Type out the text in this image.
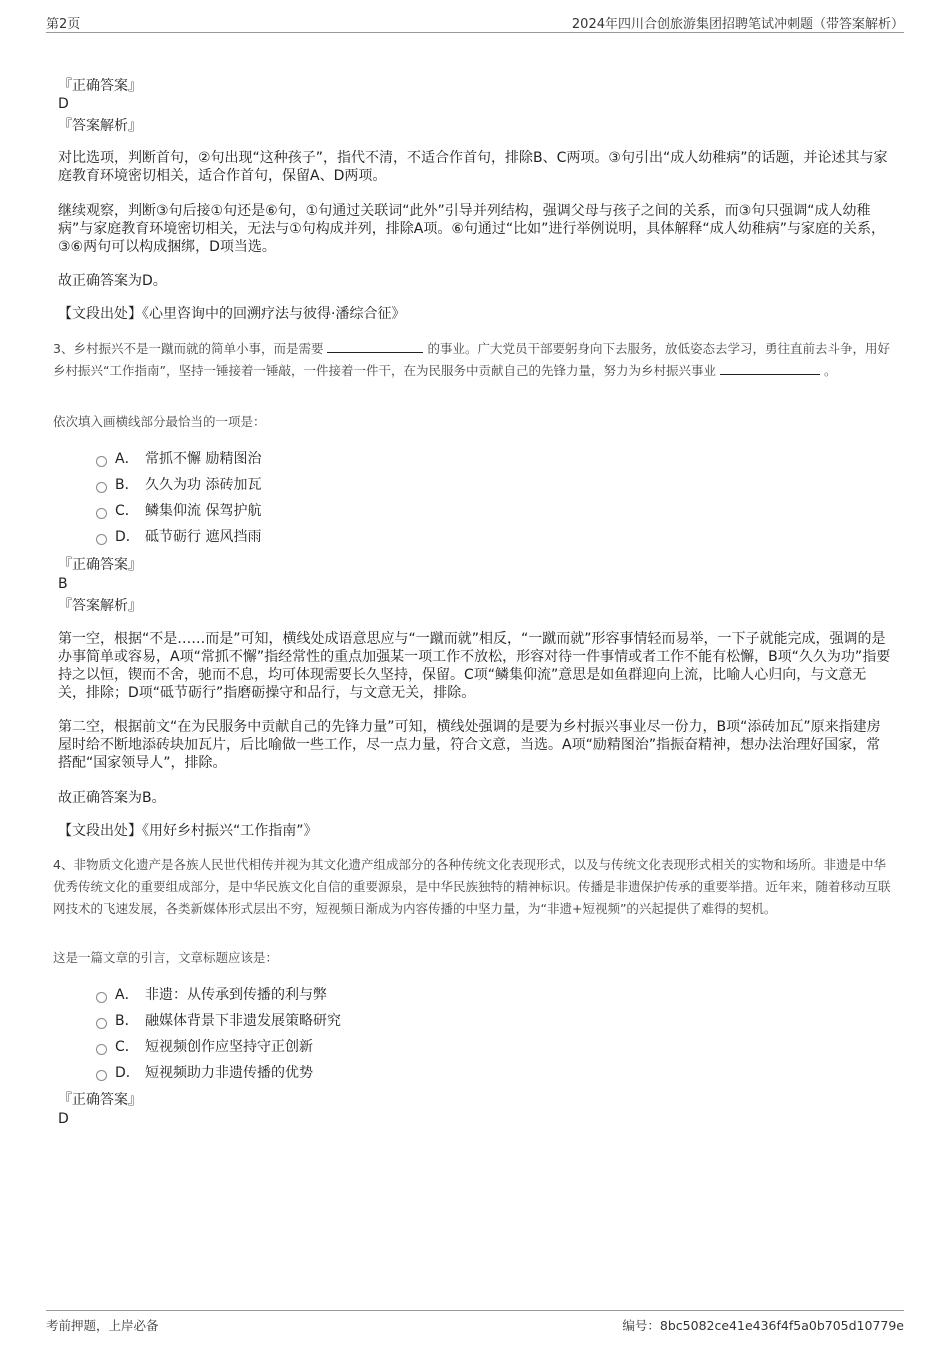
第2页	2024年四川合创旅游集团招聘笔试冲刺题（带答案解析）
『正确答案』
D
『答案解析』
对比选项，判断首句，②句出现“这种孩子”，指代不清，不适合作首句，排除B、C两项。③句引出“成人幼稚病”的话题，并论述其与家庭教育环境密切相关，适合作首句，保留A、D两项。
继续观察，判断③句后接①句还是⑥句，①句通过关联词“此外”引导并列结构，强调父母与孩子之间的关系，而③句只强调“成人幼稚病”与家庭教育环境密切相关，无法与①句构成并列，排除A项。⑥句通过“比如”进行举例说明，具体解释“成人幼稚病”与家庭的关系，③⑥两句可以构成捆绑，D项当选。
故正确答案为D。
【文段出处】《心里咨询中的回溯疗法与彼得·潘综合征》
3、乡村振兴不是一蹴而就的简单小事，而是需要	的事业。广大党员干部要躬身向下去服务，放低姿态去学习，勇往直前去斗争，用好乡村振兴“工作指南”，坚持一锤接着一锤敲，一件接着一件干，在为民服务中贡献自己的先锋力量，努力为乡村振兴事业	。
依次填入画横线部分最恰当的一项是：
A． 常抓不懈 励精图治
B． 久久为功 添砖加瓦
C． 鳞集仰流 保驾护航
D． 砥节砺行 遮风挡雨
『正确答案』
B
『答案解析』
第一空，根据“不是……而是”可知，横线处成语意思应与“一蹴而就”相反，“一蹴而就”形容事情轻而易举，一下子就能完成，强调的是办事简单或容易，A项“常抓不懈”指经常性的重点加强某一项工作不放松，形容对待一件事情或者工作不能有松懈，B项“久久为功”指要持之以恒，锲而不舍，驰而不息，均可体现需要长久坚持，保留。C项“鳞集仰流”意思是如鱼群迎向上流，比喻人心归向，与文意无关，排除；D项“砥节砺行”指磨砺操守和品行，与文意无关，排除。
第二空，根据前文“在为民服务中贡献自己的先锋力量”可知，横线处强调的是要为乡村振兴事业尽一份力，B项“添砖加瓦”原来指建房屋时给不断地添砖块加瓦片，后比喻做一些工作，尽一点力量，符合文意，当选。A项“励精图治”指振奋精神，想办法治理好国家，常搭配“国家领导人”，排除。
故正确答案为B。
【文段出处】《用好乡村振兴“工作指南”》
4、非物质文化遗产是各族人民世代相传并视为其文化遗产组成部分的各种传统文化表现形式，以及与传统文化表现形式相关的实物和场所。非遗是中华优秀传统文化的重要组成部分，是中华民族文化自信的重要源泉，是中华民族独特的精神标识。传播是非遗保护传承的重要举措。近年来，随着移动互联网技术的飞速发展，各类新媒体形式层出不穷，短视频日渐成为内容传播的中坚力量，为“非遗+短视频”的兴起提供了难得的契机。
这是一篇文章的引言，文章标题应该是：
A． 非遗：从传承到传播的利与弊
B． 融媒体背景下非遗发展策略研究
C． 短视频创作应坚持守正创新
D． 短视频助力非遗传播的优势
『正确答案』
D
考前押题，上岸必备	编号：8bc5082ce41e436f4f5a0b705d10779e
